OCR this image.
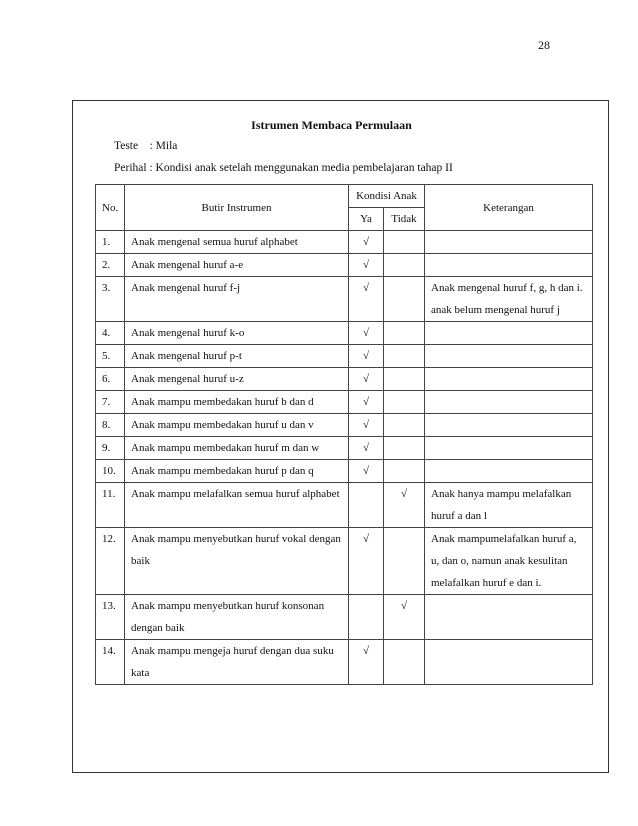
28
Istrumen Membaca Permulaan
Teste : Mila
Perihal : Kondisi anak setelah menggunakan media pembelajaran tahap II
No.	Butir Instrumen	Kondisi Anak		Keterangan
		Ya	Tidak	
1.	Anak mengenal semua huruf alphabet	√		
2.	Anak mengenal huruf a-e	√		
3.	Anak mengenal huruf f-j	√		Anak mengenal huruf f, g, h dan i. anak belum mengenal huruf j
4.	Anak mengenal huruf k-o	√		
5.	Anak mengenal huruf p-t	√		
6.	Anak mengenal huruf u-z	√		
7.	Anak mampu membedakan huruf b dan d	√		
8.	Anak mampu membedakan huruf u dan v	√		
9.	Anak mampu membedakan huruf m dan w	√		
10.	Anak mampu membedakan huruf p dan q	√		
11.	Anak mampu melafalkan semua huruf alphabet		√	Anak hanya mampu melafalkan huruf a dan l
12.	Anak mampu menyebutkan huruf vokal dengan baik	√		Anak mampumelafalkan huruf a, u, dan o, namun anak kesulitan melafalkan huruf e dan i.
13.	Anak mampu menyebutkan huruf konsonan dengan baik		√	
14.	Anak mampu mengeja huruf dengan dua suku kata	√		
